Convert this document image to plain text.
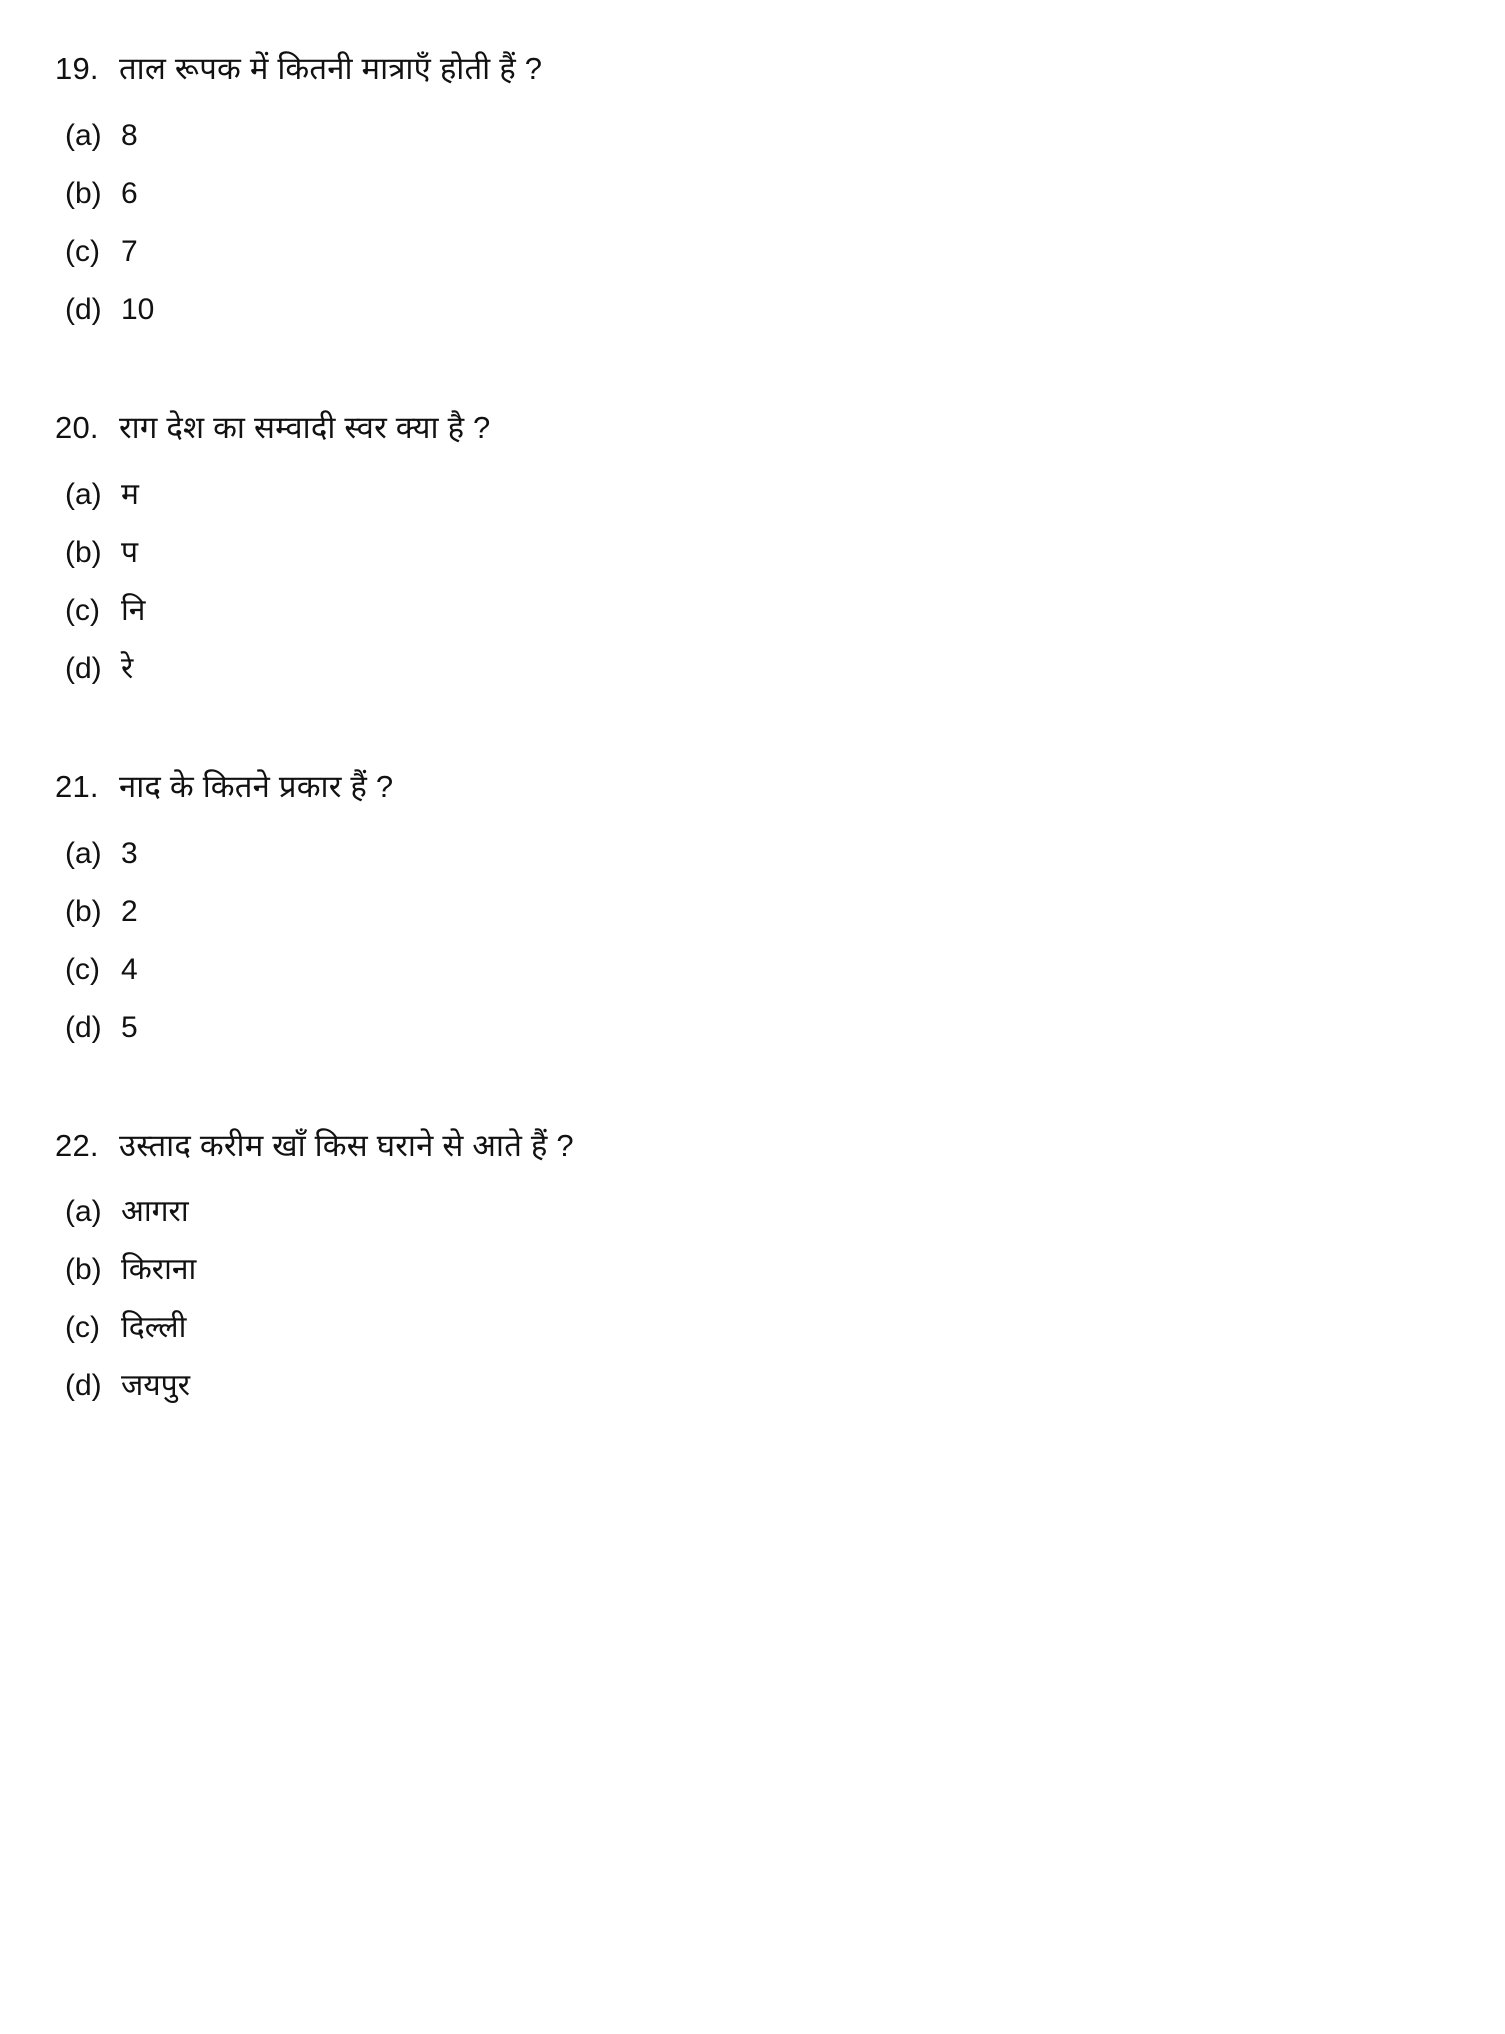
19. ताल रूपक में कितनी मात्राएँ होती हैं ?
(a) 8
(b) 6
(c) 7
(d) 10
20. राग देश का सम्वादी स्वर क्या है ?
(a) म
(b) प
(c) नि
(d) रे
21. नाद के कितने प्रकार हैं ?
(a) 3
(b) 2
(c) 4
(d) 5
22. उस्ताद करीम खाँ किस घराने से आते हैं ?
(a) आगरा
(b) किराना
(c) दिल्ली
(d) जयपुर
